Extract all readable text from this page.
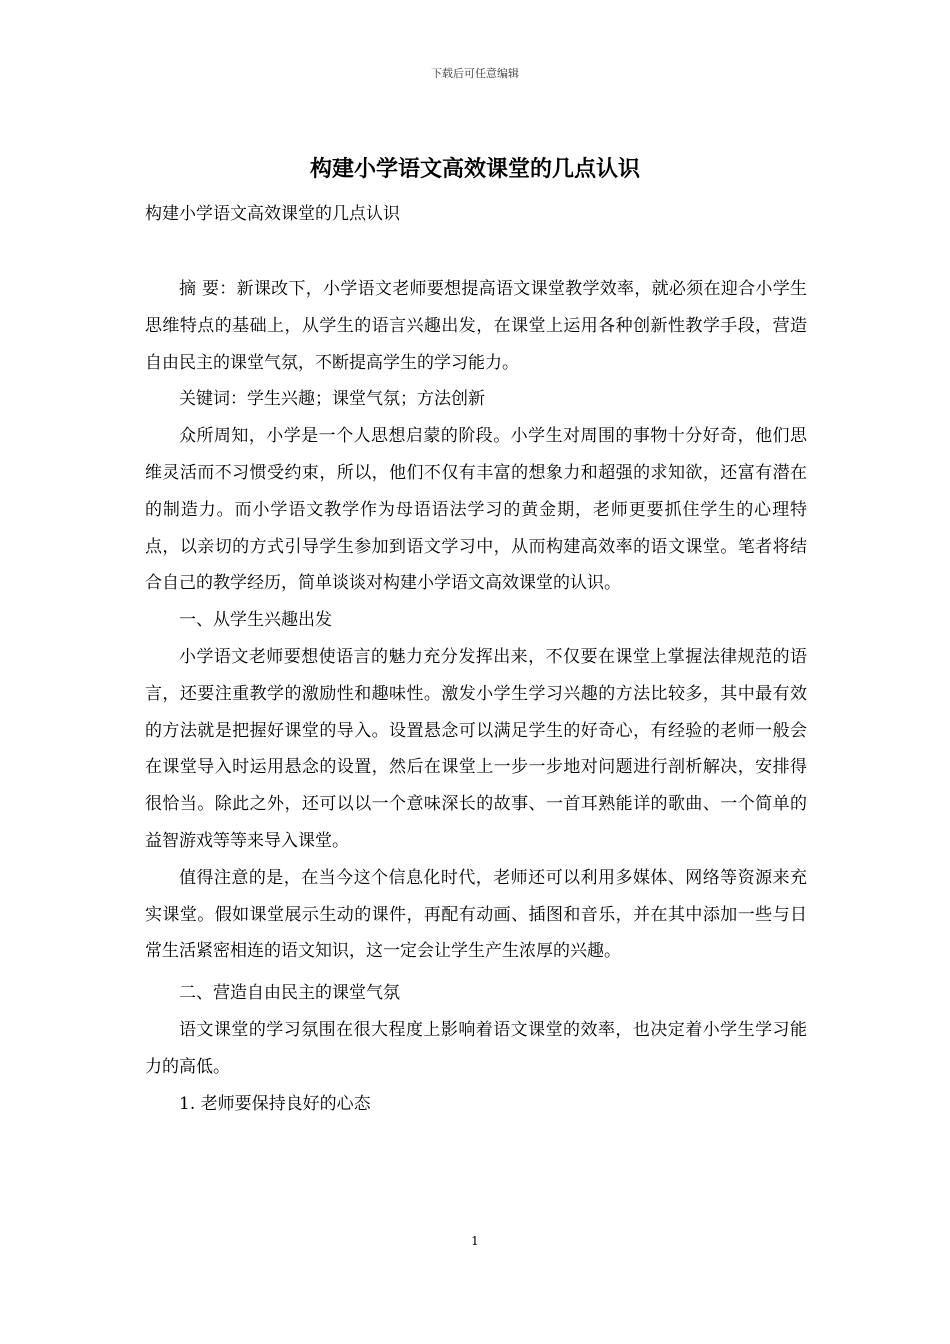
下载后可任意编辑
构建小学语文高效课堂的几点认识
构建小学语文高效课堂的几点认识

摘 要：新课改下，小学语文老师要想提高语文课堂教学效率，就必须在迎合小学生思维特点的基础上，从学生的语言兴趣出发，在课堂上运用各种创新性教学手段，营造自由民主的课堂气氛，不断提高学生的学习能力。

关键词：学生兴趣；课堂气氛；方法创新

众所周知，小学是一个人思想启蒙的阶段。小学生对周围的事物十分好奇，他们思维灵活而不习惯受约束，所以，他们不仅有丰富的想象力和超强的求知欲，还富有潜在的制造力。而小学语文教学作为母语语法学习的黄金期，老师更要抓住学生的心理特点，以亲切的方式引导学生参加到语文学习中，从而构建高效率的语文课堂。笔者将结合自己的教学经历，简单谈谈对构建小学语文高效课堂的认识。

一、从学生兴趣出发

小学语文老师要想使语言的魅力充分发挥出来，不仅要在课堂上掌握法律规范的语言，还要注重教学的激励性和趣味性。激发小学生学习兴趣的方法比较多，其中最有效的方法就是把握好课堂的导入。设置悬念可以满足学生的好奇心，有经验的老师一般会在课堂导入时运用悬念的设置，然后在课堂上一步一步地对问题进行剖析解决，安排得很恰当。除此之外，还可以以一个意味深长的故事、一首耳熟能详的歌曲、一个简单的益智游戏等等来导入课堂。

值得注意的是，在当今这个信息化时代，老师还可以利用多媒体、网络等资源来充实课堂。假如课堂展示生动的课件，再配有动画、插图和音乐，并在其中添加一些与日常生活紧密相连的语文知识，这一定会让学生产生浓厚的兴趣。

二、营造自由民主的课堂气氛

语文课堂的学习氛围在很大程度上影响着语文课堂的效率，也决定着小学生学习能力的高低。

1. 老师要保持良好的心态

1
